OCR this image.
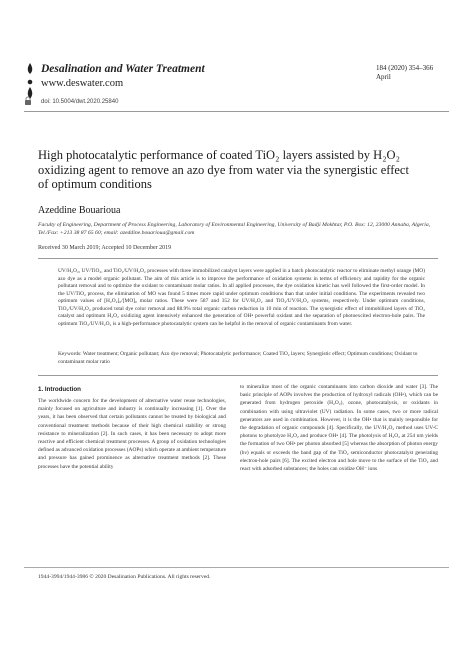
Desalination and Water Treatment
www.deswater.com
184 (2020) 354–366
April
doi: 10.5004/dwt.2020.25840
High photocatalytic performance of coated TiO₂ layers assisted by H₂O₂ oxidizing agent to remove an azo dye from water via the synergistic effect of optimum conditions
Azeddine Bouarioua
Faculty of Engineering, Department of Process Engineering, Laboratory of Environmental Engineering, University of Badji Mokhtar, P.O. Box: 12, 23000 Annaba, Algeria, Tel./Fax: +213 38 87 65 60; email: azeddine.bouarioua@gmail.com
Received 30 March 2019; Accepted 10 December 2019
UV/H₂O₂, UV/TiO₂, and TiO₂/UV/H₂O₂ processes with three immobilized catalyst layers were applied in a batch photocatalytic reactor to eliminate methyl orange (MO) azo dye as a model organic pollutant. The aim of this article is to improve the performance of oxidation systems in terms of efficiency and rapidity for the organic pollutant removal and to optimize the oxidant to contaminant molar ratios. In all applied processes, the dye oxidation kinetic has well followed the first-order model. In the UV/TiO₂ process, the elimination of MO was found 5 times more rapid under optimum conditions than that under initial conditions. The experiments revealed two optimum values of [H₂O₂]₀/[MO]₀ molar ratios. These were 587 and 352 for UV/H₂O₂ and TiO₂/UV/H₂O₂ systems, respectively. Under optimum conditions, TiO₂/UV/H₂O₂ produced total dye color removal and 88.9% total organic carbon reduction in 10 min of reaction. The synergistic effect of immobilized layers of TiO₂ catalyst and optimum H₂O₂ oxidizing agent intensively enhanced the generation of OH• powerful oxidant and the separation of photoexcited electron-hole pairs. The optimum TiO₂/UV/H₂O₂ is a high-performance photocatalytic system can be helpful in the removal of organic contaminants from water.
Keywords: Water treatment; Organic pollutant; Azo dye removal; Photocatalytic performance; Coated TiO₂ layers; Synergistic effect; Optimum conditions; Oxidant to contaminant molar ratio
1. Introduction
The worldwide concern for the development of alternative water reuse technologies, mainly focused on agriculture and industry is continually increasing [1]. Over the years, it has been observed that certain pollutants cannot be treated by biological and conventional treatment methods because of their high chemical stability or strong resistance to mineralization [2]. In such cases, it has been necessary to adopt more reactive and efficient chemical treatment processes. A group of oxidation technologies defined as advanced oxidation processes (AOPs) which operate at ambient temperature and pressure has gained prominence as alternative treatment methods [2]. These processes have the potential ability
to mineralize most of the organic contaminants into carbon dioxide and water [3]. The basic principle of AOPs involves the production of hydroxyl radicals (OH•), which can be generated from hydrogen peroxide (H₂O₂), ozone, photocatalysis, or oxidants in combination with using ultraviolet (UV) radiation. In some cases, two or more radical generators are used in combination. However, it is the OH• that is mainly responsible for the degradation of organic compounds [4]. Specifically, the UV/H₂O₂ method uses UV-C photons to photolyze H₂O₂ and produce OH• [4]. The photolysis of H₂O₂ at 254 nm yields the formation of two OH• per photon absorbed [5] whereas the absorption of photon energy (hν) equals or exceeds the band gap of the TiO₂ semiconductor photocatalyst generating electron-hole pairs [6]. The excited electron and hole move to the surface of the TiO₂ and react with adsorbed substances; the holes can oxidize OH⁻ ions
1944-3994/1944-3986 © 2020 Desalination Publications. All rights reserved.
